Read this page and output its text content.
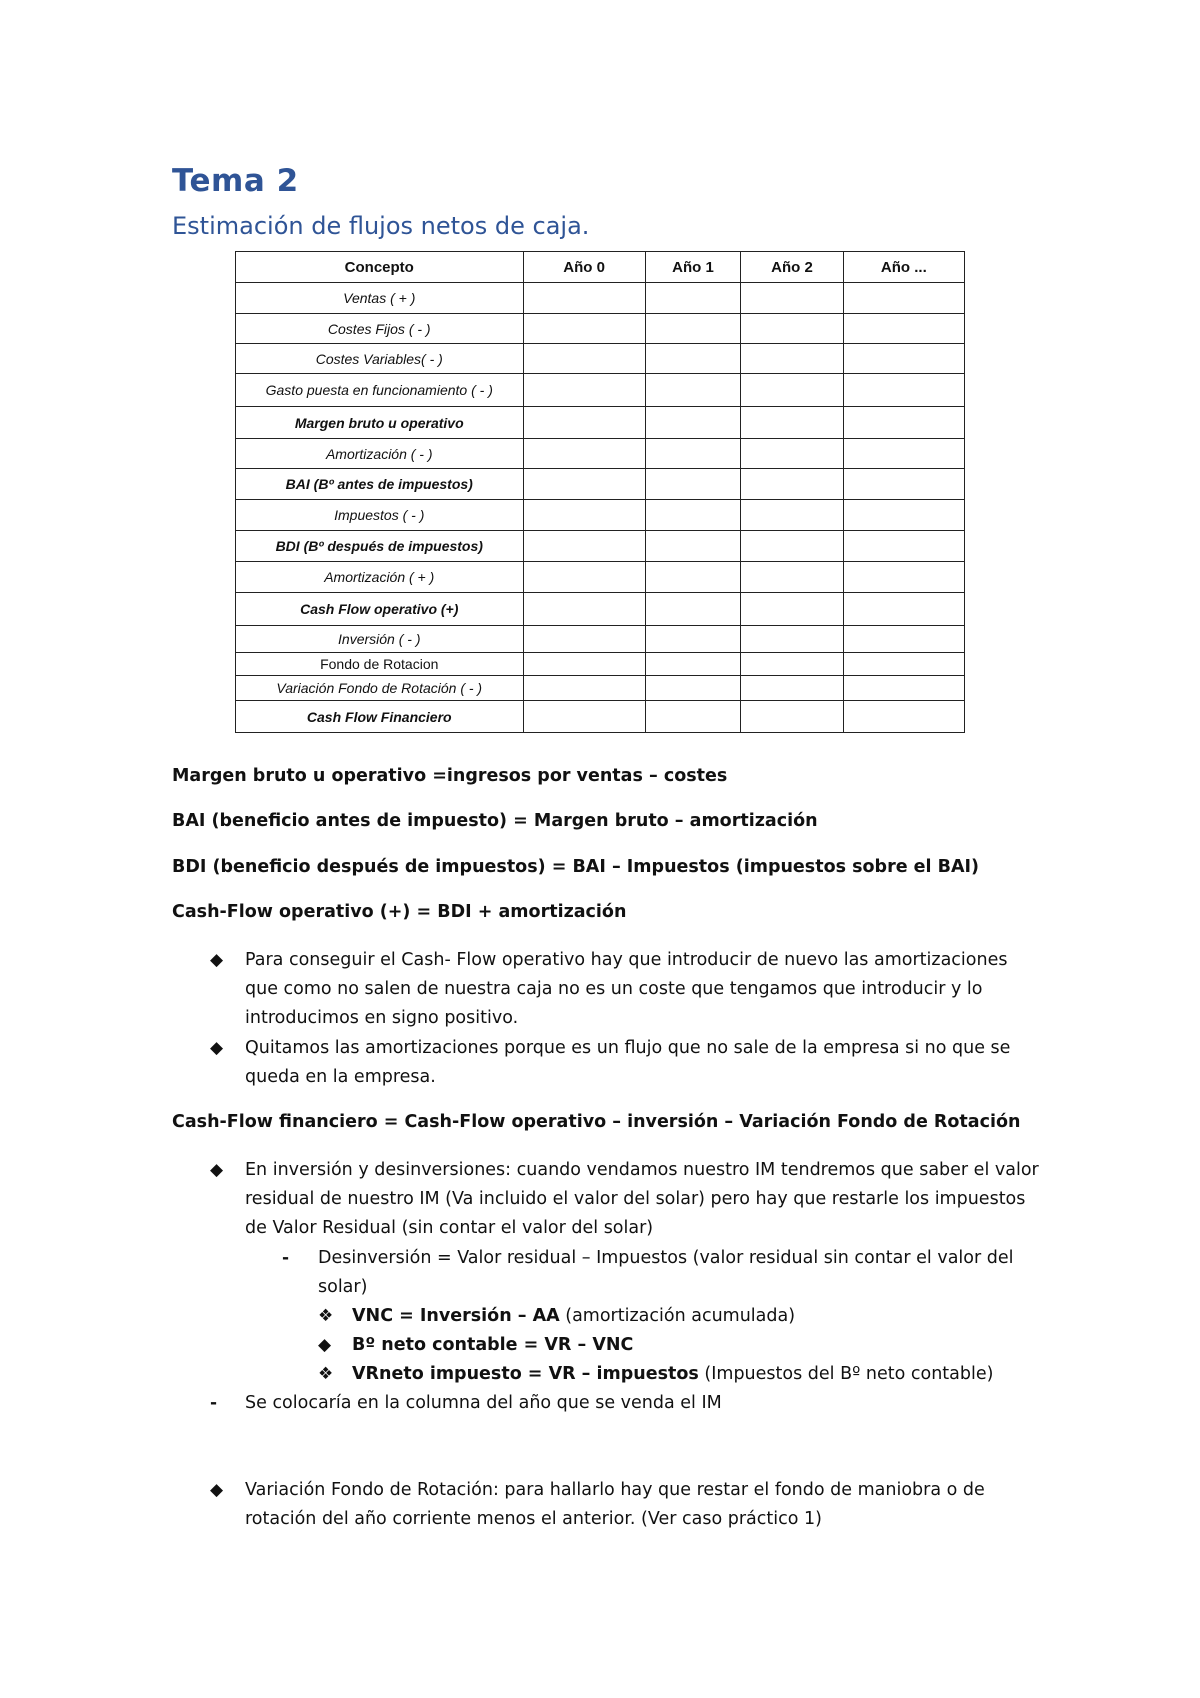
Tema 2
Estimación de flujos netos de caja.
Concepto	Año 0	Año 1	Año 2	Año ...
Ventas ( + )				
Costes Fijos ( - )				
Costes Variables( - )				
Gasto puesta en funcionamiento ( - )				
Margen bruto u operativo				
Amortización ( - )				
BAI (Bº antes de impuestos)				
Impuestos ( - )				
BDI (Bº después de impuestos)				
Amortización ( + )				
Cash Flow operativo (+)				
Inversión ( - )				
Fondo de Rotacion				
Variación Fondo de Rotación ( - )				
Cash Flow Financiero				
Margen bruto u operativo =ingresos por ventas – costes
BAI (beneficio antes de impuesto) = Margen bruto – amortización
BDI (beneficio después de impuestos) = BAI – Impuestos (impuestos sobre el BAI)
Cash-Flow operativo (+) = BDI + amortización
◆ Para conseguir el Cash- Flow operativo hay que introducir de nuevo las amortizaciones que como no salen de nuestra caja no es un coste que tengamos que introducir y lo introducimos en signo positivo.
◆ Quitamos las amortizaciones porque es un flujo que no sale de la empresa si no que se queda en la empresa.
Cash-Flow financiero = Cash-Flow operativo – inversión – Variación Fondo de Rotación
◆ En inversión y desinversiones: cuando vendamos nuestro IM tendremos que saber el valor residual de nuestro IM (Va incluido el valor del solar) pero hay que restarle los impuestos de Valor Residual (sin contar el valor del solar)
- Desinversión = Valor residual – Impuestos (valor residual sin contar el valor del solar)
❖ VNC = Inversión – AA (amortización acumulada)
◆ Bº neto contable = VR – VNC
❖ VRneto impuesto = VR – impuestos (Impuestos del Bº neto contable)
- Se colocaría en la columna del año que se venda el IM
◆ Variación Fondo de Rotación: para hallarlo hay que restar el fondo de maniobra o de rotación del año corriente menos el anterior. (Ver caso práctico 1)
